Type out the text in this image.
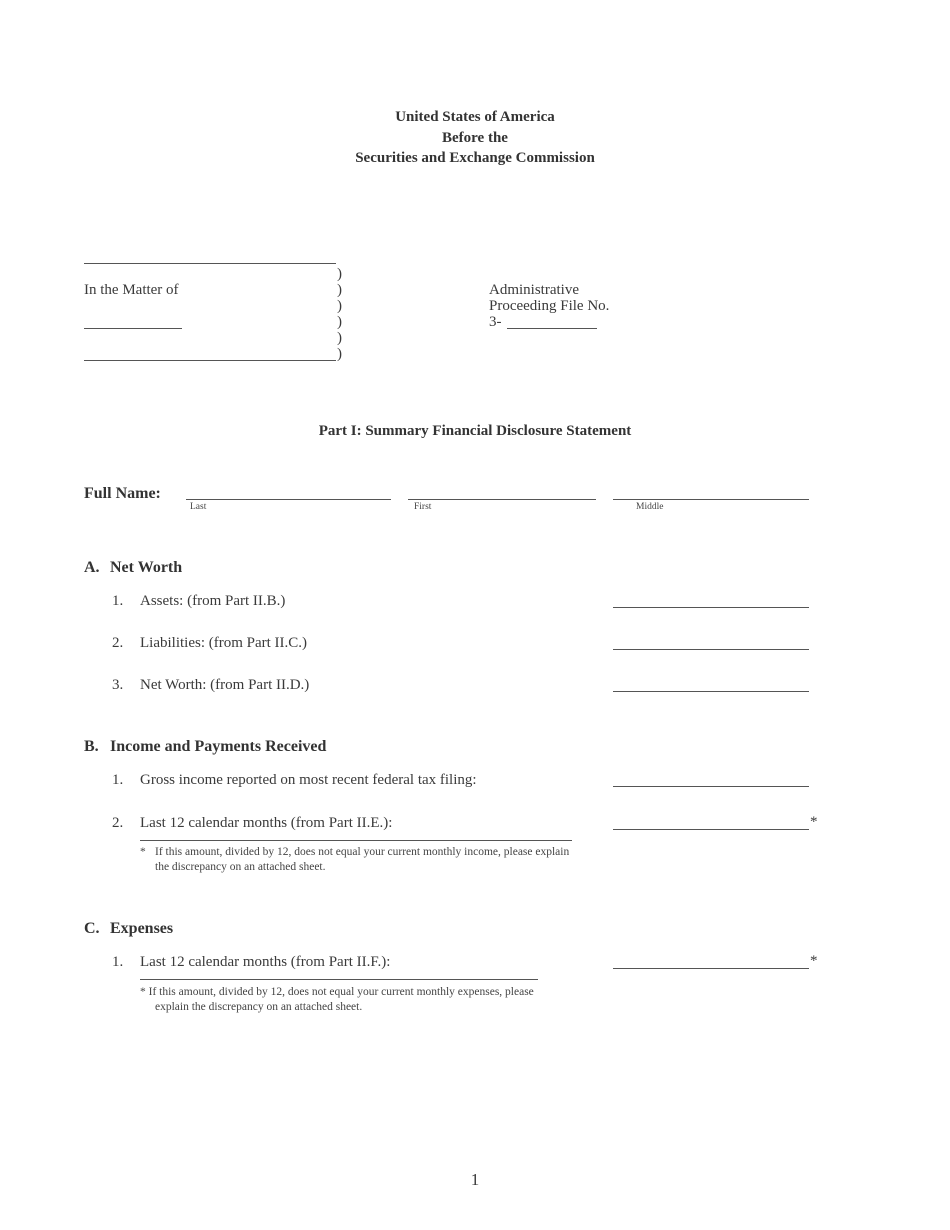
United States of America
Before the
Securities and Exchange Commission
In the Matter of
)
)
)
)
)
)
Administrative
Proceeding File No.
3-
Part I: Summary Financial Disclosure Statement
Full Name:
Last	First	Middle
A. Net Worth
1. Assets: (from Part II.B.)
2. Liabilities: (from Part II.C.)
3. Net Worth: (from Part II.D.)
B. Income and Payments Received
1. Gross income reported on most recent federal tax filing:
2. Last 12 calendar months (from Part II.E.):	*
* If this amount, divided by 12, does not equal your current monthly income, please explain
the discrepancy on an attached sheet.
C. Expenses
1. Last 12 calendar months (from Part II.F.):	*
* If this amount, divided by 12, does not equal your current monthly expenses, please
explain the discrepancy on an attached sheet.
1
